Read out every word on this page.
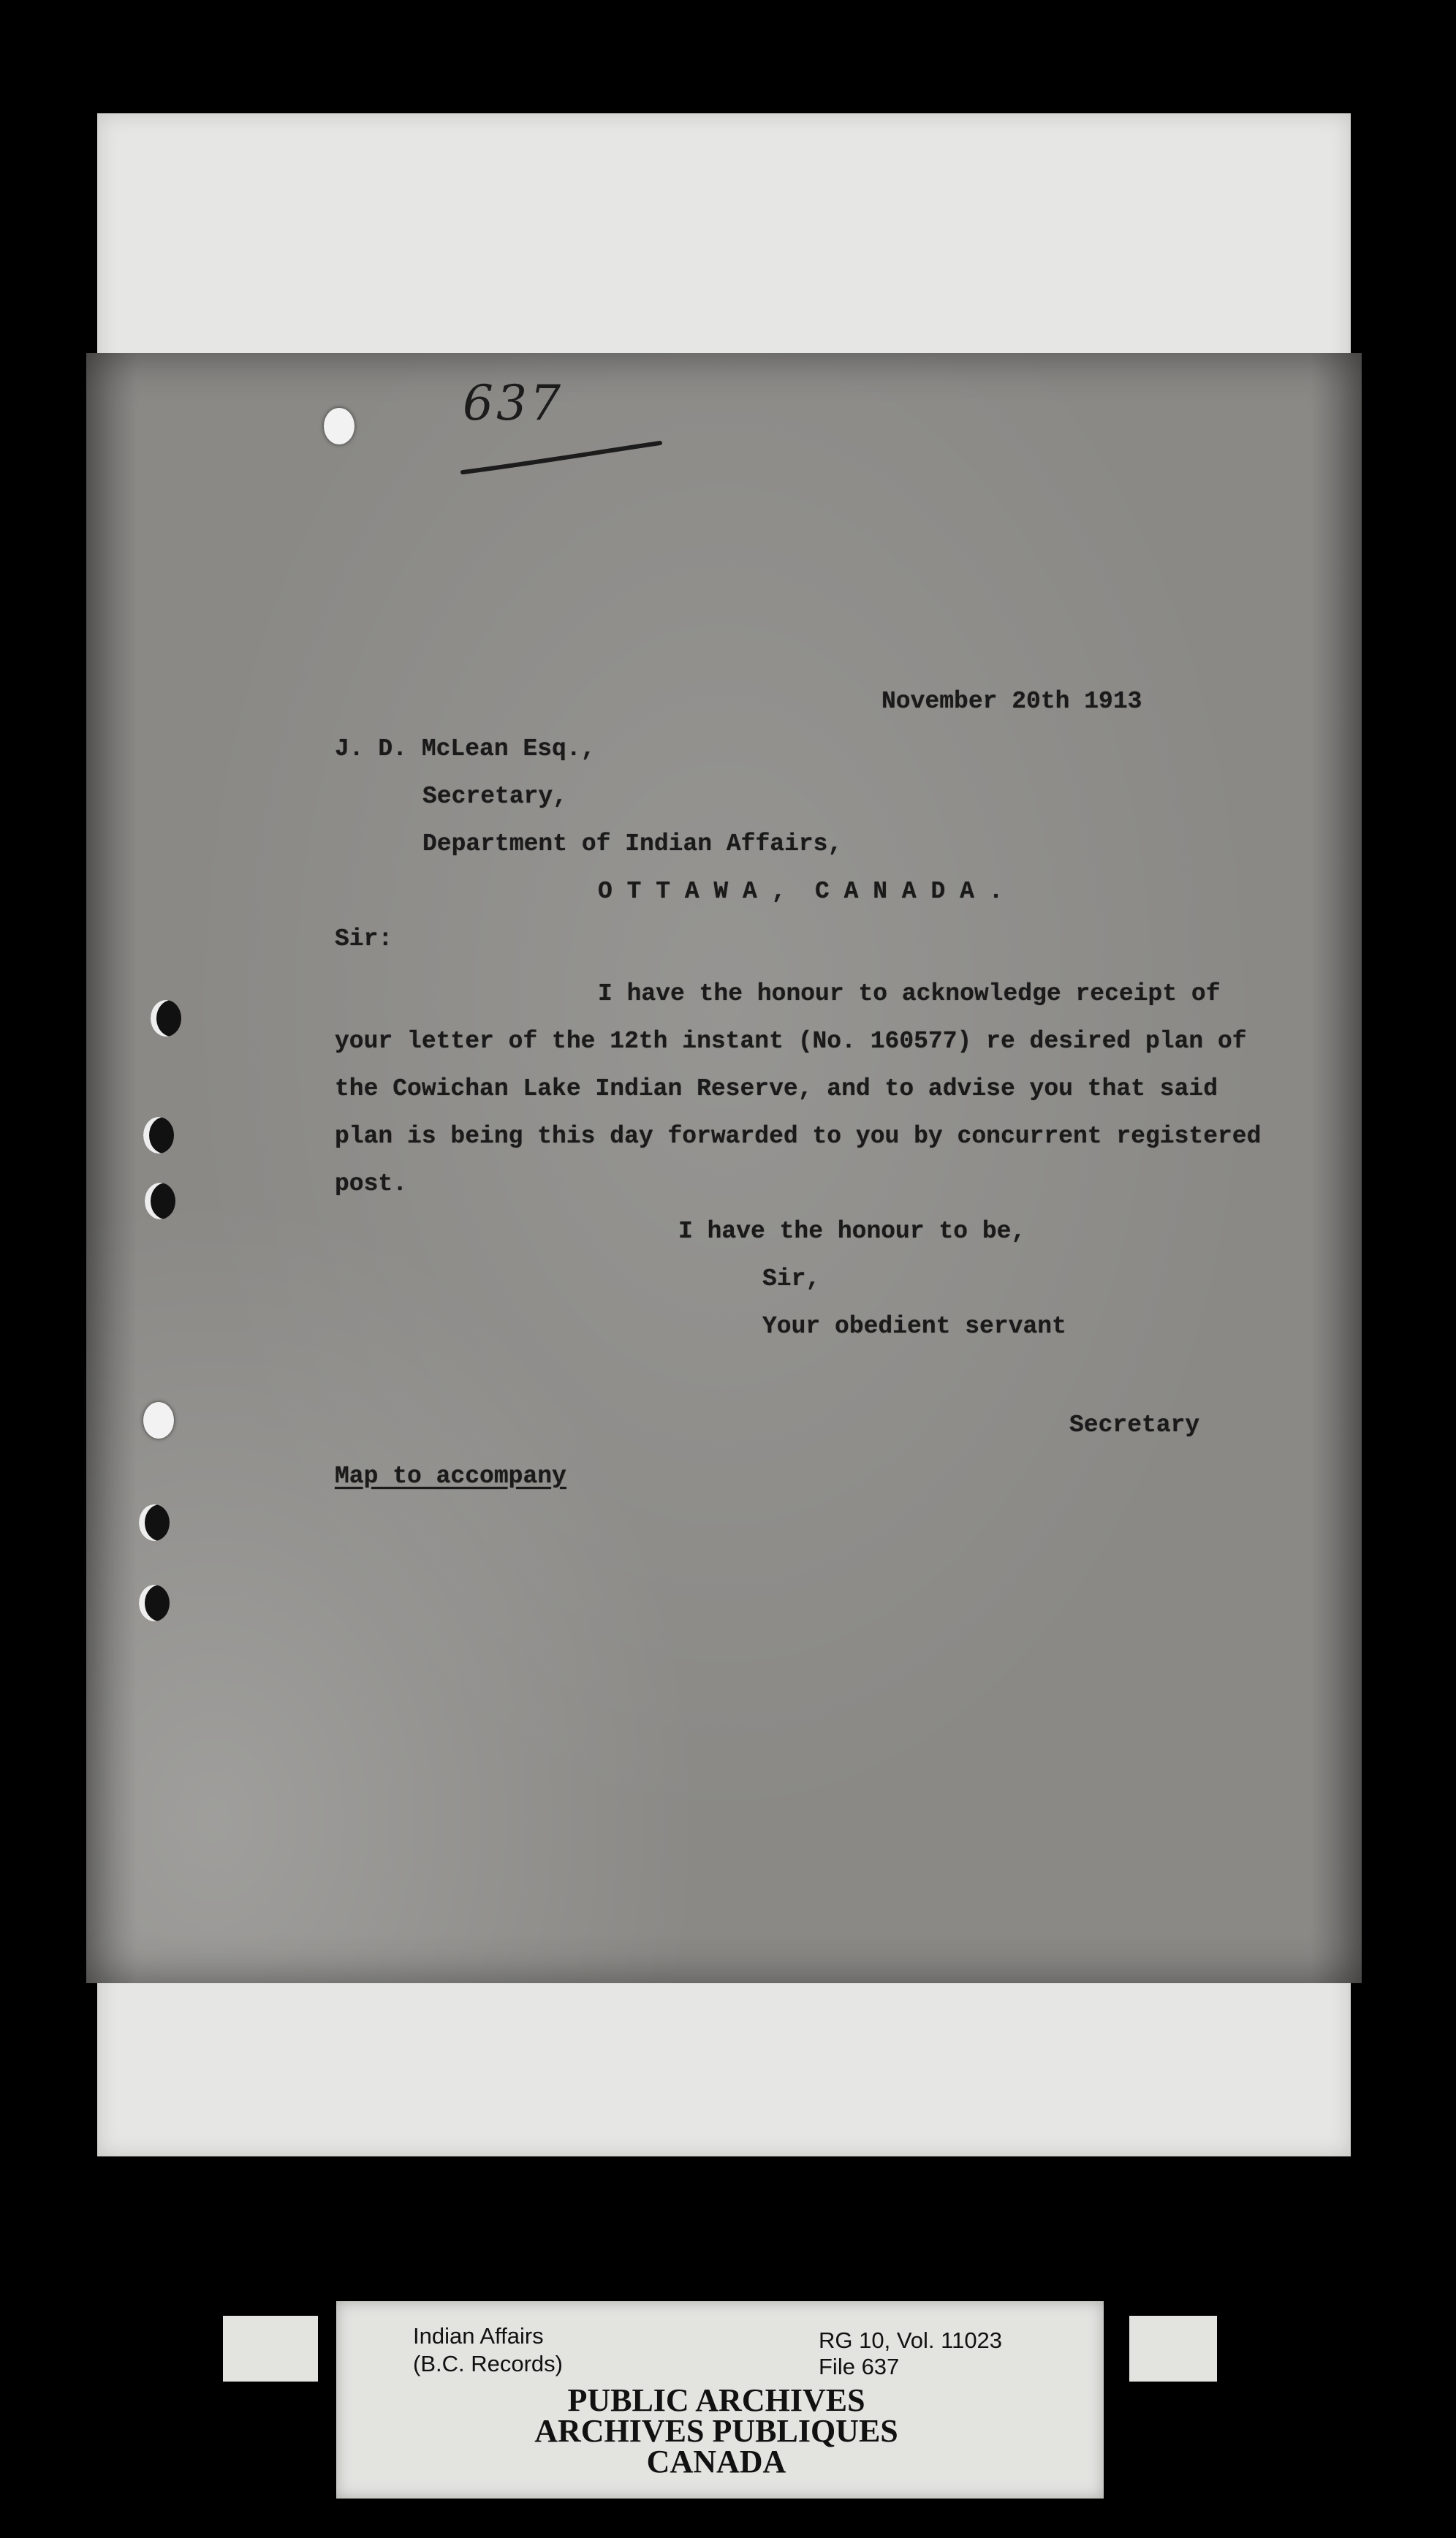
637
November 20th 1913
J. D. McLean Esq.,
Secretary,
Department of Indian Affairs,
O T T A W A ,  C A N A D A .
Sir:
I have the honour to acknowledge receipt of
your letter of the 12th instant (No. 160577) re desired plan of
the Cowichan Lake Indian Reserve, and to advise you that said
plan is being this day forwarded to you by concurrent registered
post.
I have the honour to be,
Sir,
Your obedient servant
Secretary
Map to accompany
Indian Affairs
(B.C. Records)
RG 10, Vol. 11023
File 637
PUBLIC ARCHIVES
ARCHIVES PUBLIQUES
CANADA
